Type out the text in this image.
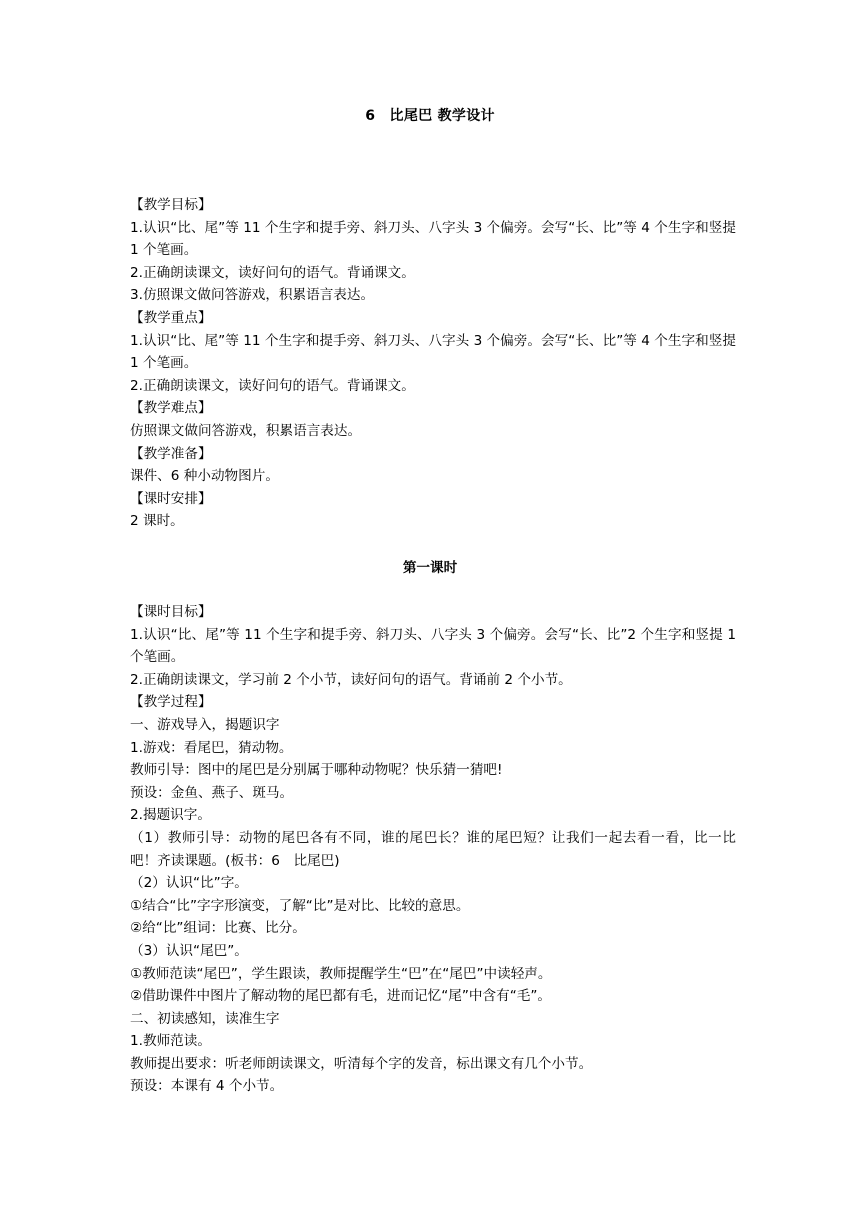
6　比尾巴 教学设计
【教学目标】
1.认识“比、尾”等 11 个生字和提手旁、斜刀头、八字头 3 个偏旁。会写“长、比”等 4 个生字和竖提 1 个笔画。
2.正确朗读课文，读好问句的语气。背诵课文。
3.仿照课文做问答游戏，积累语言表达。
【教学重点】
1.认识“比、尾”等 11 个生字和提手旁、斜刀头、八字头 3 个偏旁。会写“长、比”等 4 个生字和竖提 1 个笔画。
2.正确朗读课文，读好问句的语气。背诵课文。
【教学难点】
仿照课文做问答游戏，积累语言表达。
【教学准备】
课件、6 种小动物图片。
【课时安排】
2 课时。
第一课时
【课时目标】
1.认识“比、尾”等 11 个生字和提手旁、斜刀头、八字头 3 个偏旁。会写“长、比”2 个生字和竖提 1 个笔画。
2.正确朗读课文，学习前 2 个小节，读好问句的语气。背诵前 2 个小节。
【教学过程】
一、游戏导入，揭题识字
1.游戏：看尾巴，猜动物。
教师引导：图中的尾巴是分别属于哪种动物呢？快乐猜一猜吧!
预设：金鱼、燕子、斑马。
2.揭题识字。
（1）教师引导：动物的尾巴各有不同，谁的尾巴长？谁的尾巴短？让我们一起去看一看，比一比吧！齐读课题。(板书：6　比尾巴)
（2）认识“比”字。
①结合“比”字字形演变，了解“比”是对比、比较的意思。
②给“比”组词：比赛、比分。
（3）认识“尾巴”。
①教师范读“尾巴”，学生跟读，教师提醒学生“巴”在“尾巴”中读轻声。
②借助课件中图片了解动物的尾巴都有毛，进而记忆“尾”中含有“毛”。
二、初读感知，读准生字
1.教师范读。
教师提出要求：听老师朗读课文，听清每个字的发音，标出课文有几个小节。
预设：本课有 4 个小节。
